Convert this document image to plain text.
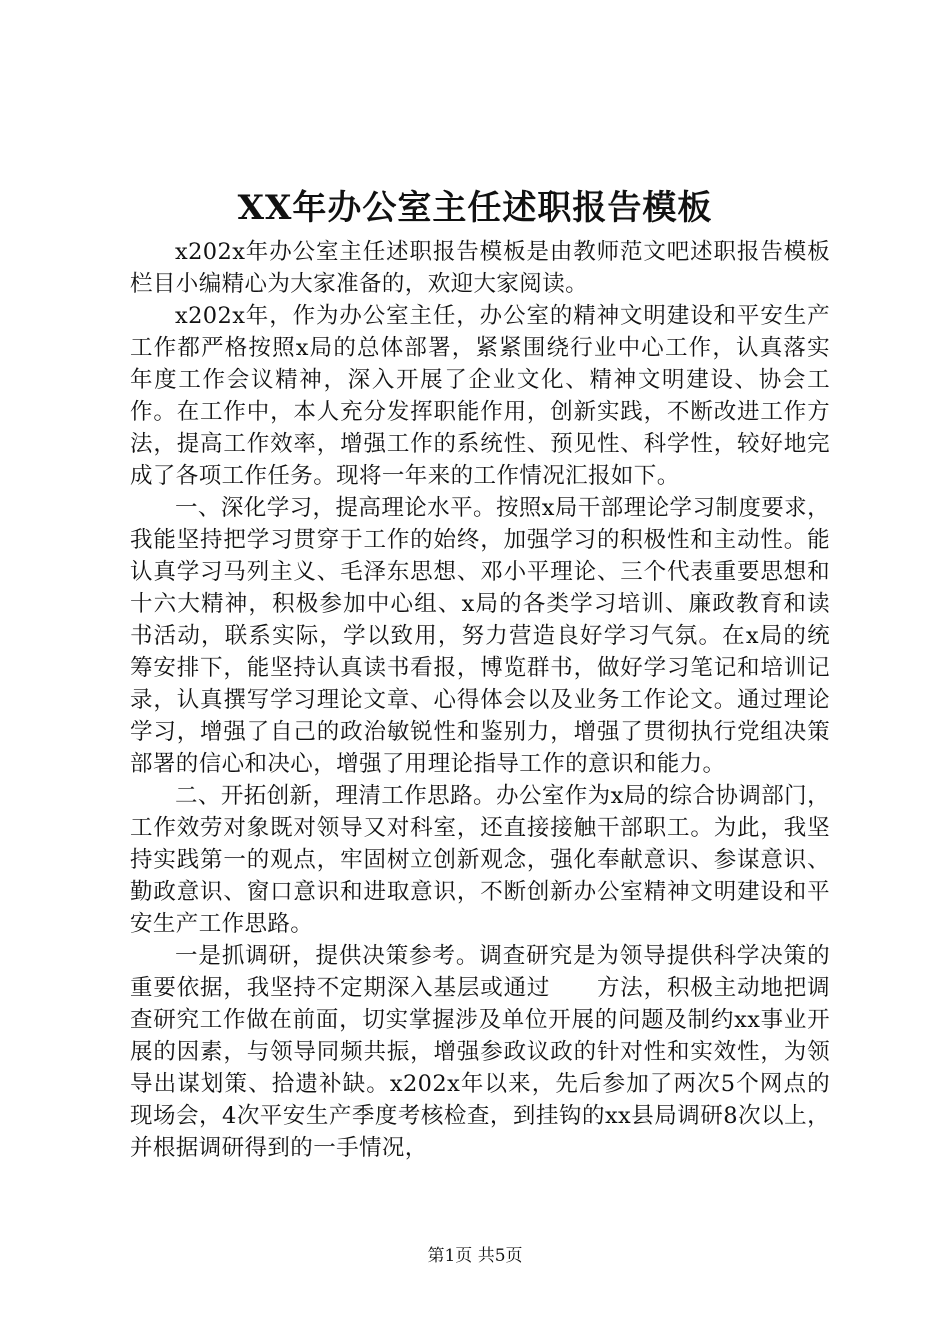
XX年办公室主任述职报告模板

x202x年办公室主任述职报告模板是由教师范文吧述职报告模板栏目小编精心为大家准备的，欢迎大家阅读。

x202x年，作为办公室主任，办公室的精神文明建设和平安生产工作都严格按照x局的总体部署，紧紧围绕行业中心工作，认真落实年度工作会议精神，深入开展了企业文化、精神文明建设、协会工作。在工作中，本人充分发挥职能作用，创新实践，不断改进工作方法，提高工作效率，增强工作的系统性、预见性、科学性，较好地完成了各项工作任务。现将一年来的工作情况汇报如下。

一、深化学习，提高理论水平。按照x局干部理论学习制度要求，我能坚持把学习贯穿于工作的始终，加强学习的积极性和主动性。能认真学习马列主义、毛泽东思想、邓小平理论、三个代表重要思想和十六大精神，积极参加中心组、x局的各类学习培训、廉政教育和读书活动，联系实际，学以致用，努力营造良好学习气氛。在x局的统筹安排下，能坚持认真读书看报，博览群书，做好学习笔记和培训记录，认真撰写学习理论文章、心得体会以及业务工作论文。通过理论学习，增强了自己的政治敏锐性和鉴别力，增强了贯彻执行党组决策部署的信心和决心，增强了用理论指导工作的意识和能力。

二、开拓创新，理清工作思路。办公室作为x局的综合协调部门，工作效劳对象既对领导又对科室，还直接接触干部职工。为此，我坚持实践第一的观点，牢固树立创新观念，强化奉献意识、参谋意识、勤政意识、窗口意识和进取意识，不断创新办公室精神文明建设和平安生产工作思路。

一是抓调研，提供决策参考。调查研究是为领导提供科学决策的重要依据，我坚持不定期深入基层或通过　　方法，积极主动地把调查研究工作做在前面，切实掌握涉及单位开展的问题及制约xx事业开展的因素，与领导同频共振，增强参政议政的针对性和实效性，为领导出谋划策、拾遗补缺。x202x年以来，先后参加了两次5个网点的现场会，4次平安生产季度考核检查，到挂钩的xx县局调研8次以上，并根据调研得到的一手情况，

第1页 共5页
